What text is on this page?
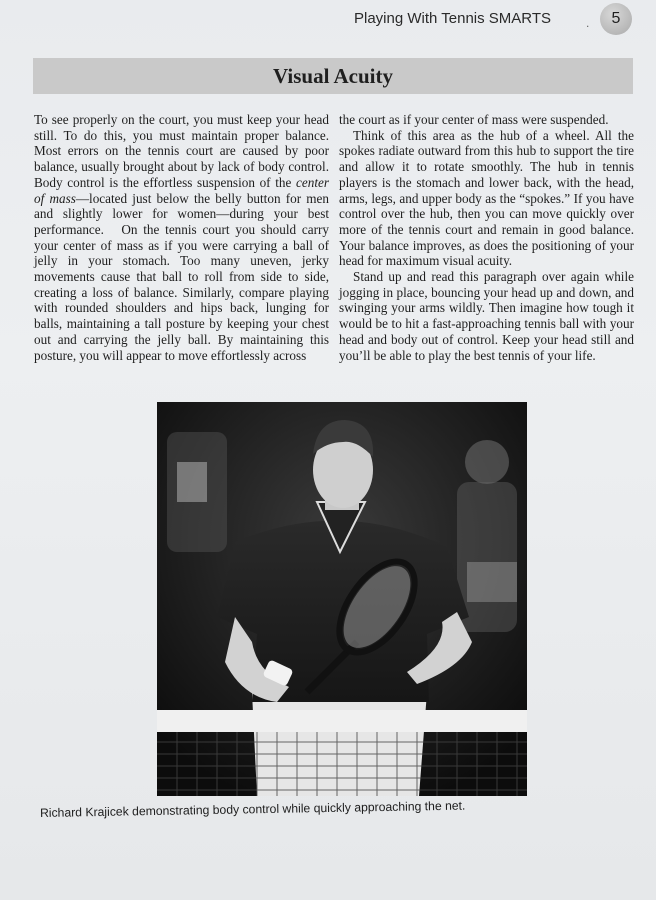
Playing With Tennis SMARTS	.	5
Visual Acuity

To see properly on the court, you must keep your head still. To do this, you must maintain proper balance. Most errors on the tennis court are caused by poor balance, usually brought about by lack of body control. Body control is the effortless suspension of the center of mass—located just below the belly button for men and slightly lower for women—during your best performance.   On the tennis court you should carry your center of mass as if you were carrying a ball of jelly in your stomach. Too many uneven, jerky movements cause that ball to roll from side to side, creating a loss of balance. Similarly, compare playing with rounded shoulders and hips back, lunging for balls, maintaining a tall posture by keeping your chest out and carrying the jelly ball. By maintaining this posture, you will appear to move effortlessly across

the court as if your center of mass were suspended.

Think of this area as the hub of a wheel. All the spokes radiate outward from this hub to support the tire and allow it to rotate smoothly. The hub in tennis players is the stomach and lower back, with the head, arms, legs, and upper body as the “spokes.” If you have control over the hub, then you can move quickly over more of the tennis court and remain in good balance. Your balance improves, as does the positioning of your head for maximum visual acuity.

Stand up and read this paragraph over again while jogging in place, bouncing your head up and down, and swinging your arms wildly. Then imagine how tough it would be to hit a fast-approaching tennis ball with your head and body out of control. Keep your head still and you’ll be able to play the best tennis of your life.

Richard Krajicek demonstrating body control while quickly approaching the net.
